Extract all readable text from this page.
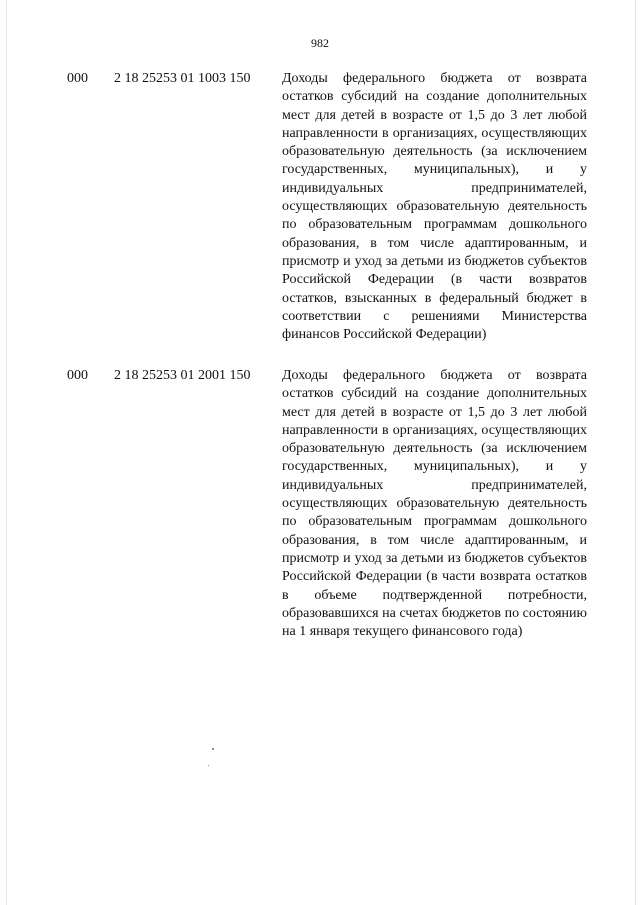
982
000 2 18 25253 01 1003 150 Доходы федерального бюджета от возврата остатков субсидий на создание дополнительных мест для детей в возрасте от 1,5 до 3 лет любой направленности в организациях, осуществляющих образовательную деятельность (за исключением государственных, муниципальных), и у индивидуальных предпринимателей, осуществляющих образовательную деятельность по образовательным программам дошкольного образования, в том числе адаптированным, и присмотр и уход за детьми из бюджетов субъектов Российской Федерации (в части возвратов остатков, взысканных в федеральный бюджет в соответствии с решениями Министерства финансов Российской Федерации)

000 2 18 25253 01 2001 150 Доходы федерального бюджета от возврата остатков субсидий на создание дополнительных мест для детей в возрасте от 1,5 до 3 лет любой направленности в организациях, осуществляющих образовательную деятельность (за исключением государственных, муниципальных), и у индивидуальных предпринимателей, осуществляющих образовательную деятельность по образовательным программам дошкольного образования, в том числе адаптированным, и присмотр и уход за детьми из бюджетов субъектов Российской Федерации (в части возврата остатков в объеме подтвержденной потребности, образовавшихся на счетах бюджетов по состоянию на 1 января текущего финансового года)
